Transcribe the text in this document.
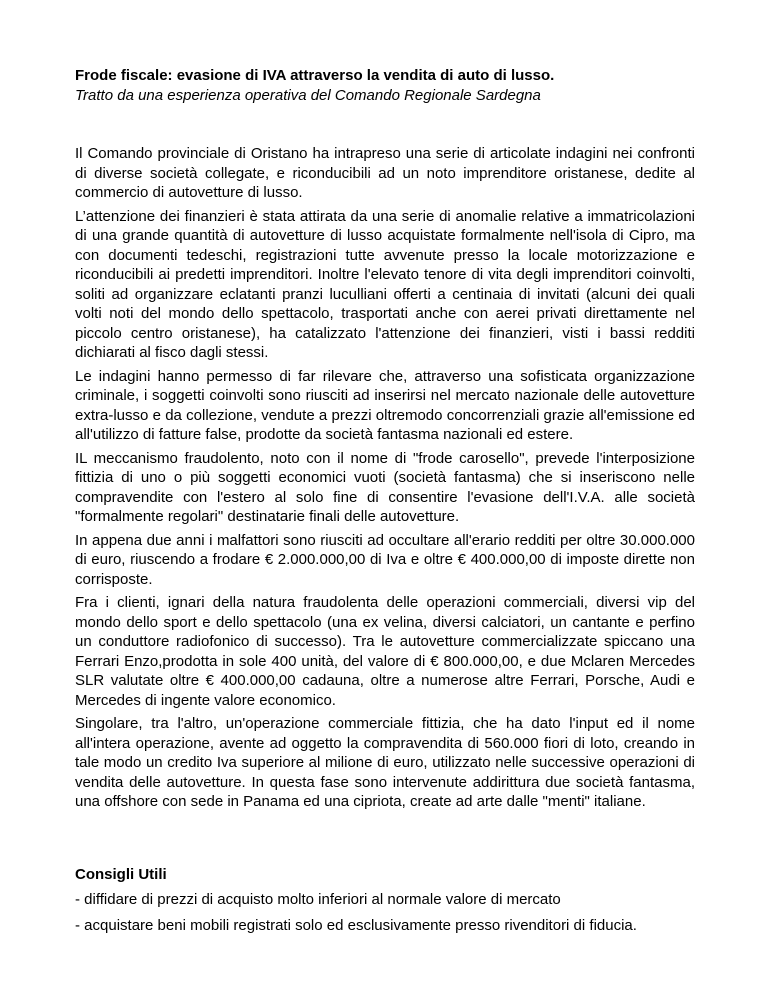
Frode fiscale: evasione di IVA attraverso la vendita di auto di lusso.

Tratto da una esperienza operativa del Comando Regionale Sardegna

Il Comando provinciale di Oristano ha intrapreso una serie di articolate indagini nei confronti di diverse società collegate, e riconducibili ad un noto imprenditore oristanese, dedite al commercio di autovetture di lusso.

L’attenzione dei finanzieri è stata attirata da una serie di anomalie relative a immatricolazioni di una grande quantità di autovetture di lusso acquistate formalmente nell'isola di Cipro, ma con documenti tedeschi, registrazioni tutte avvenute presso la locale motorizzazione e riconducibili ai predetti imprenditori. Inoltre l'elevato tenore di vita degli imprenditori coinvolti, soliti ad organizzare eclatanti pranzi luculliani offerti a centinaia di invitati (alcuni dei quali volti noti del mondo dello spettacolo, trasportati anche con aerei privati direttamente nel piccolo centro oristanese), ha catalizzato l'attenzione dei finanzieri, visti i bassi redditi dichiarati al fisco dagli stessi.

Le indagini hanno permesso di far rilevare che, attraverso una sofisticata organizzazione criminale, i soggetti coinvolti sono riusciti ad inserirsi nel mercato nazionale delle autovetture extra-lusso e da collezione, vendute a prezzi oltremodo concorrenziali grazie all'emissione ed all'utilizzo di fatture false, prodotte da società fantasma nazionali ed estere.

IL meccanismo fraudolento, noto con il nome di "frode carosello", prevede l'interposizione fittizia di uno o più soggetti economici vuoti (società fantasma) che si inseriscono nelle compravendite con l'estero al solo fine di consentire l'evasione dell'I.V.A. alle società "formalmente regolari" destinatarie finali delle autovetture.

In appena due anni i malfattori sono riusciti ad occultare all'erario redditi per oltre 30.000.000 di euro, riuscendo a frodare € 2.000.000,00 di Iva e oltre € 400.000,00 di imposte dirette non corrisposte.

Fra i clienti, ignari della natura fraudolenta delle operazioni commerciali, diversi vip del mondo dello sport e dello spettacolo (una ex velina, diversi calciatori, un cantante e perfino un conduttore radiofonico di successo). Tra le autovetture commercializzate spiccano una Ferrari Enzo,prodotta in sole 400 unità, del valore di € 800.000,00, e due Mclaren Mercedes SLR valutate oltre € 400.000,00 cadauna, oltre a numerose altre Ferrari, Porsche, Audi e Mercedes di ingente valore economico.

Singolare, tra l'altro, un'operazione commerciale fittizia, che ha dato l'input ed il nome all'intera operazione, avente ad oggetto la compravendita di 560.000 fiori di loto, creando in tale modo un credito Iva superiore al milione di euro, utilizzato nelle successive operazioni di vendita delle autovetture. In questa fase sono intervenute addirittura due società fantasma, una offshore con sede in Panama ed una cipriota, create ad arte dalle "menti" italiane.

Consigli Utili

- diffidare di prezzi di acquisto molto inferiori al normale valore di mercato

- acquistare beni mobili registrati solo ed esclusivamente presso rivenditori di fiducia.
